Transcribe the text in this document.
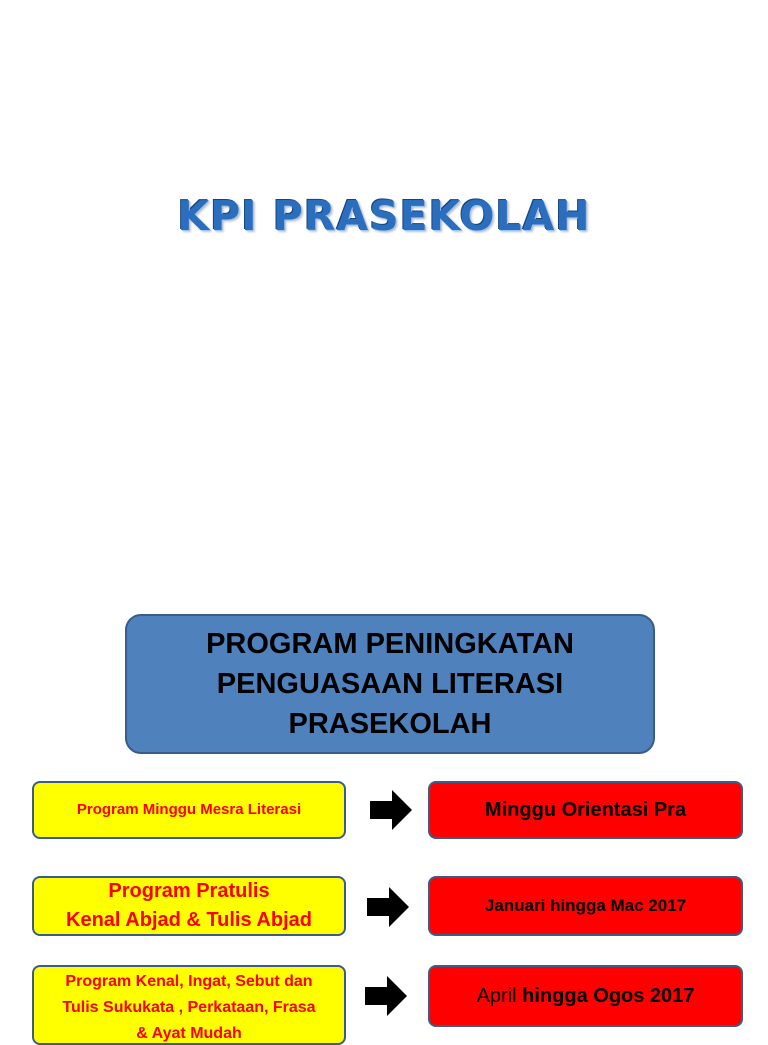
KPI PRASEKOLAH
PROGRAM PENINGKATAN
PENGUASAAN LITERASI
PRASEKOLAH
Program Minggu Mesra Literasi	Minggu Orientasi Pra
Program Pratulis
Kenal Abjad & Tulis Abjad
Januari hingga Mac 2017
Program Kenal, Ingat, Sebut dan
Tulis Sukukata , Perkataan, Frasa
& Ayat Mudah
April hingga Ogos 2017
